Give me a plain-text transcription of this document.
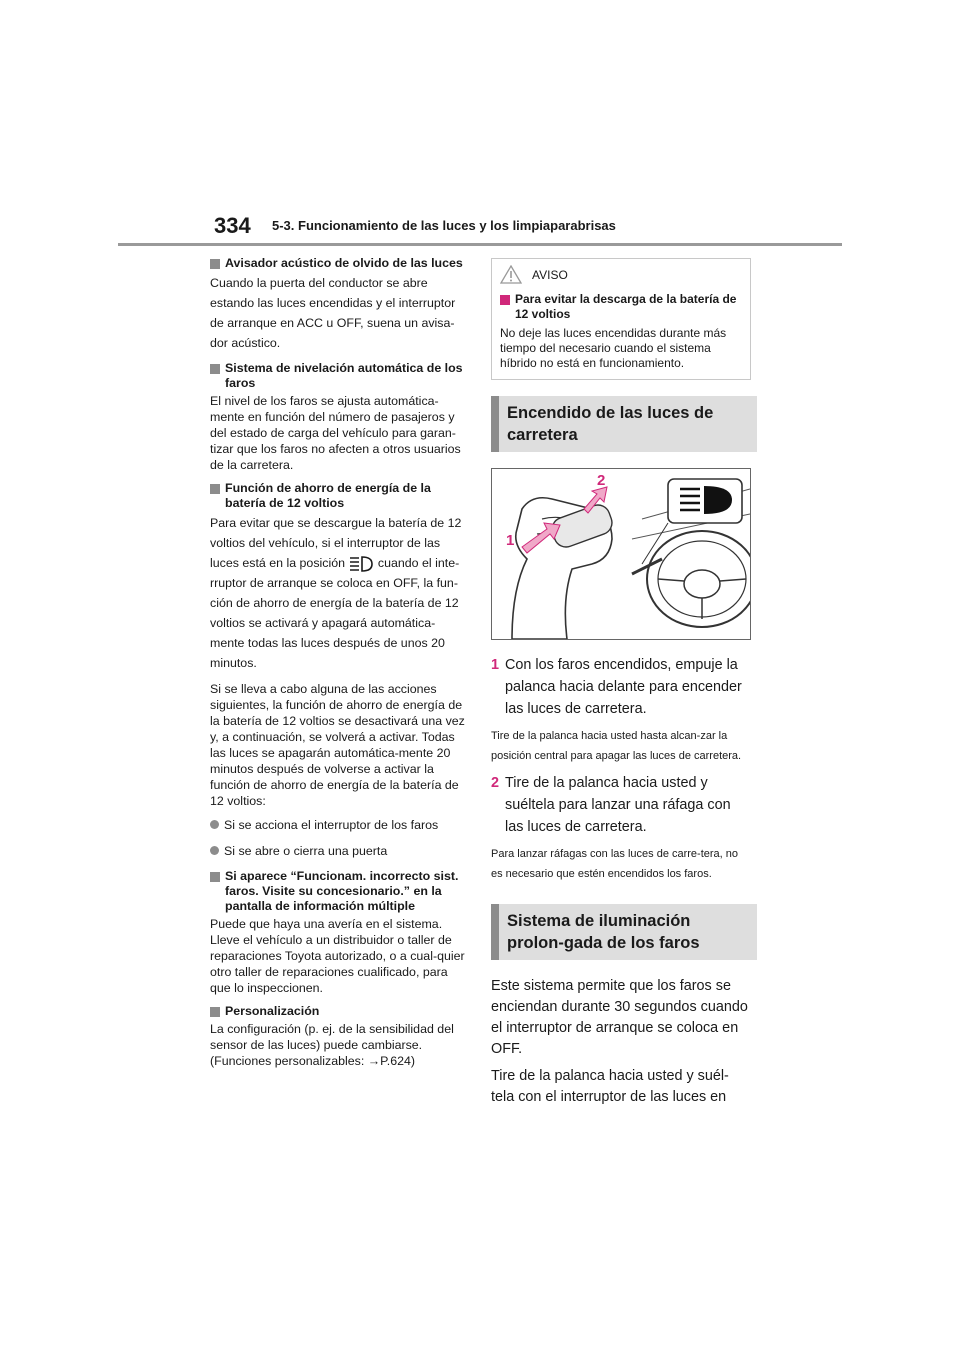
334 5-3. Funcionamiento de las luces y los limpiaparabrisas
Avisador acústico de olvido de las luces

Cuando la puerta del conductor se abre estando las luces encendidas y el interruptor de arranque en ACC u OFF, suena un avisa-dor acústico.

Sistema de nivelación automática de los faros

El nivel de los faros se ajusta automática-mente en función del número de pasajeros y del estado de carga del vehículo para garan-tizar que los faros no afecten a otros usuarios de la carretera.

Función de ahorro de energía de la batería de 12 voltios

Para evitar que se descargue la batería de 12 voltios del vehículo, si el interruptor de las luces está en la posición	cuando el inte-rruptor de arranque se coloca en OFF, la fun-ción de ahorro de energía de la batería de 12 voltios se activará y apagará automática-mente todas las luces después de unos 20 minutos.

Si se lleva a cabo alguna de las acciones siguientes, la función de ahorro de energía de la batería de 12 voltios se desactivará una vez y, a continuación, se volverá a activar. Todas las luces se apagarán automática-mente 20 minutos después de volverse a activar la función de ahorro de energía de la batería de 12 voltios:

Si se acciona el interruptor de los faros
Si se abre o cierra una puerta
Si aparece “Funcionam. incorrecto sist. faros. Visite su concesionario.” en la pantalla de información múltiple

Puede que haya una avería en el sistema. Lleve el vehículo a un distribuidor o taller de reparaciones Toyota autorizado, o a cual-quier otro taller de reparaciones cualificado, para que lo inspeccionen.

Personalización

La configuración (p. ej. de la sensibilidad del sensor de las luces) puede cambiarse. (Funciones personalizables: →P.624)

AVISO
Para evitar la descarga de la batería de 12 voltios
No deje las luces encendidas durante más tiempo del necesario cuando el sistema híbrido no está en funcionamiento.
Encendido de las luces de carretera
1
2
1 Con los faros encendidos, empuje la palanca hacia delante para encender las luces de carretera.

Tire de la palanca hacia usted hasta alcan-zar la posición central para apagar las luces de carretera.

2 Tire de la palanca hacia usted y suéltela para lanzar una ráfaga con las luces de carretera.

Para lanzar ráfagas con las luces de carre-tera, no es necesario que estén encendidos los faros.

Sistema de iluminación prolon-gada de los faros

Este sistema permite que los faros se enciendan durante 30 segundos cuando el interruptor de arranque se coloca en OFF.

Tire de la palanca hacia usted y suél-tela con el interruptor de las luces en
